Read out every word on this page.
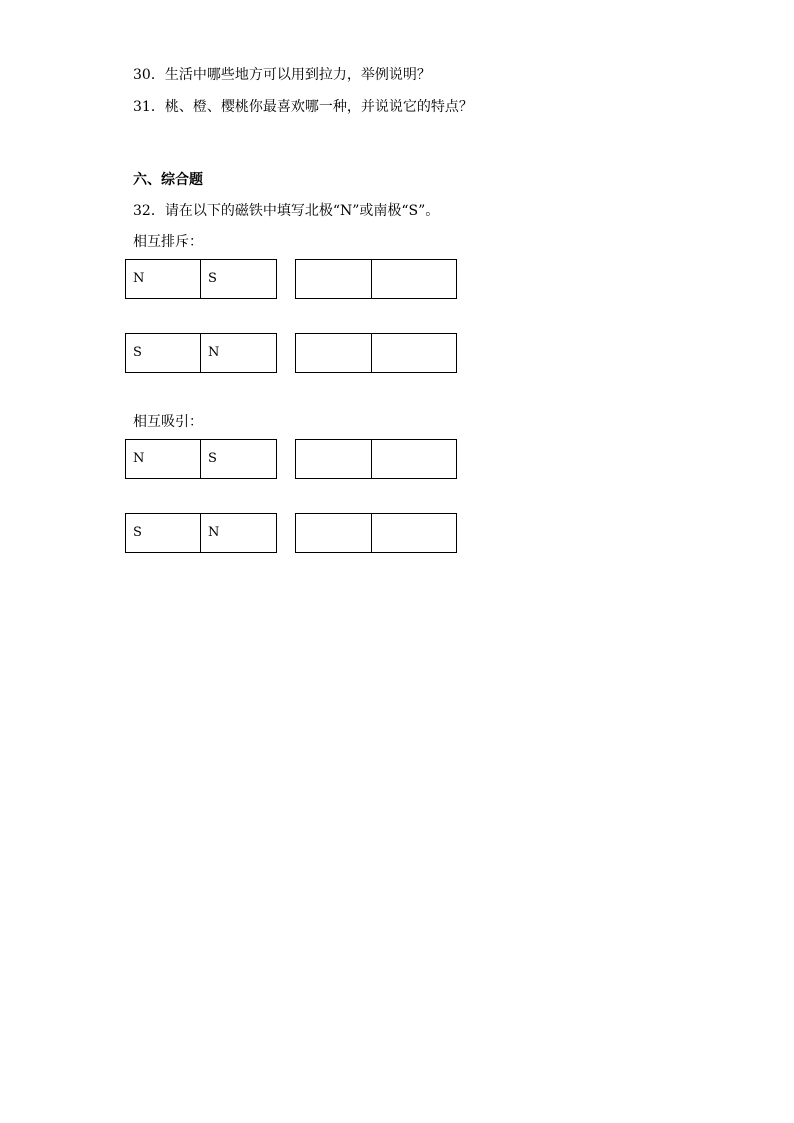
30．生活中哪些地方可以用到拉力，举例说明？
31．桃、橙、樱桃你最喜欢哪一种，并说说它的特点？
六、综合题
32．请在以下的磁铁中填写北极“N”或南极“S”。
相互排斥：
N	S
S	N
相互吸引：
N	S
S	N
